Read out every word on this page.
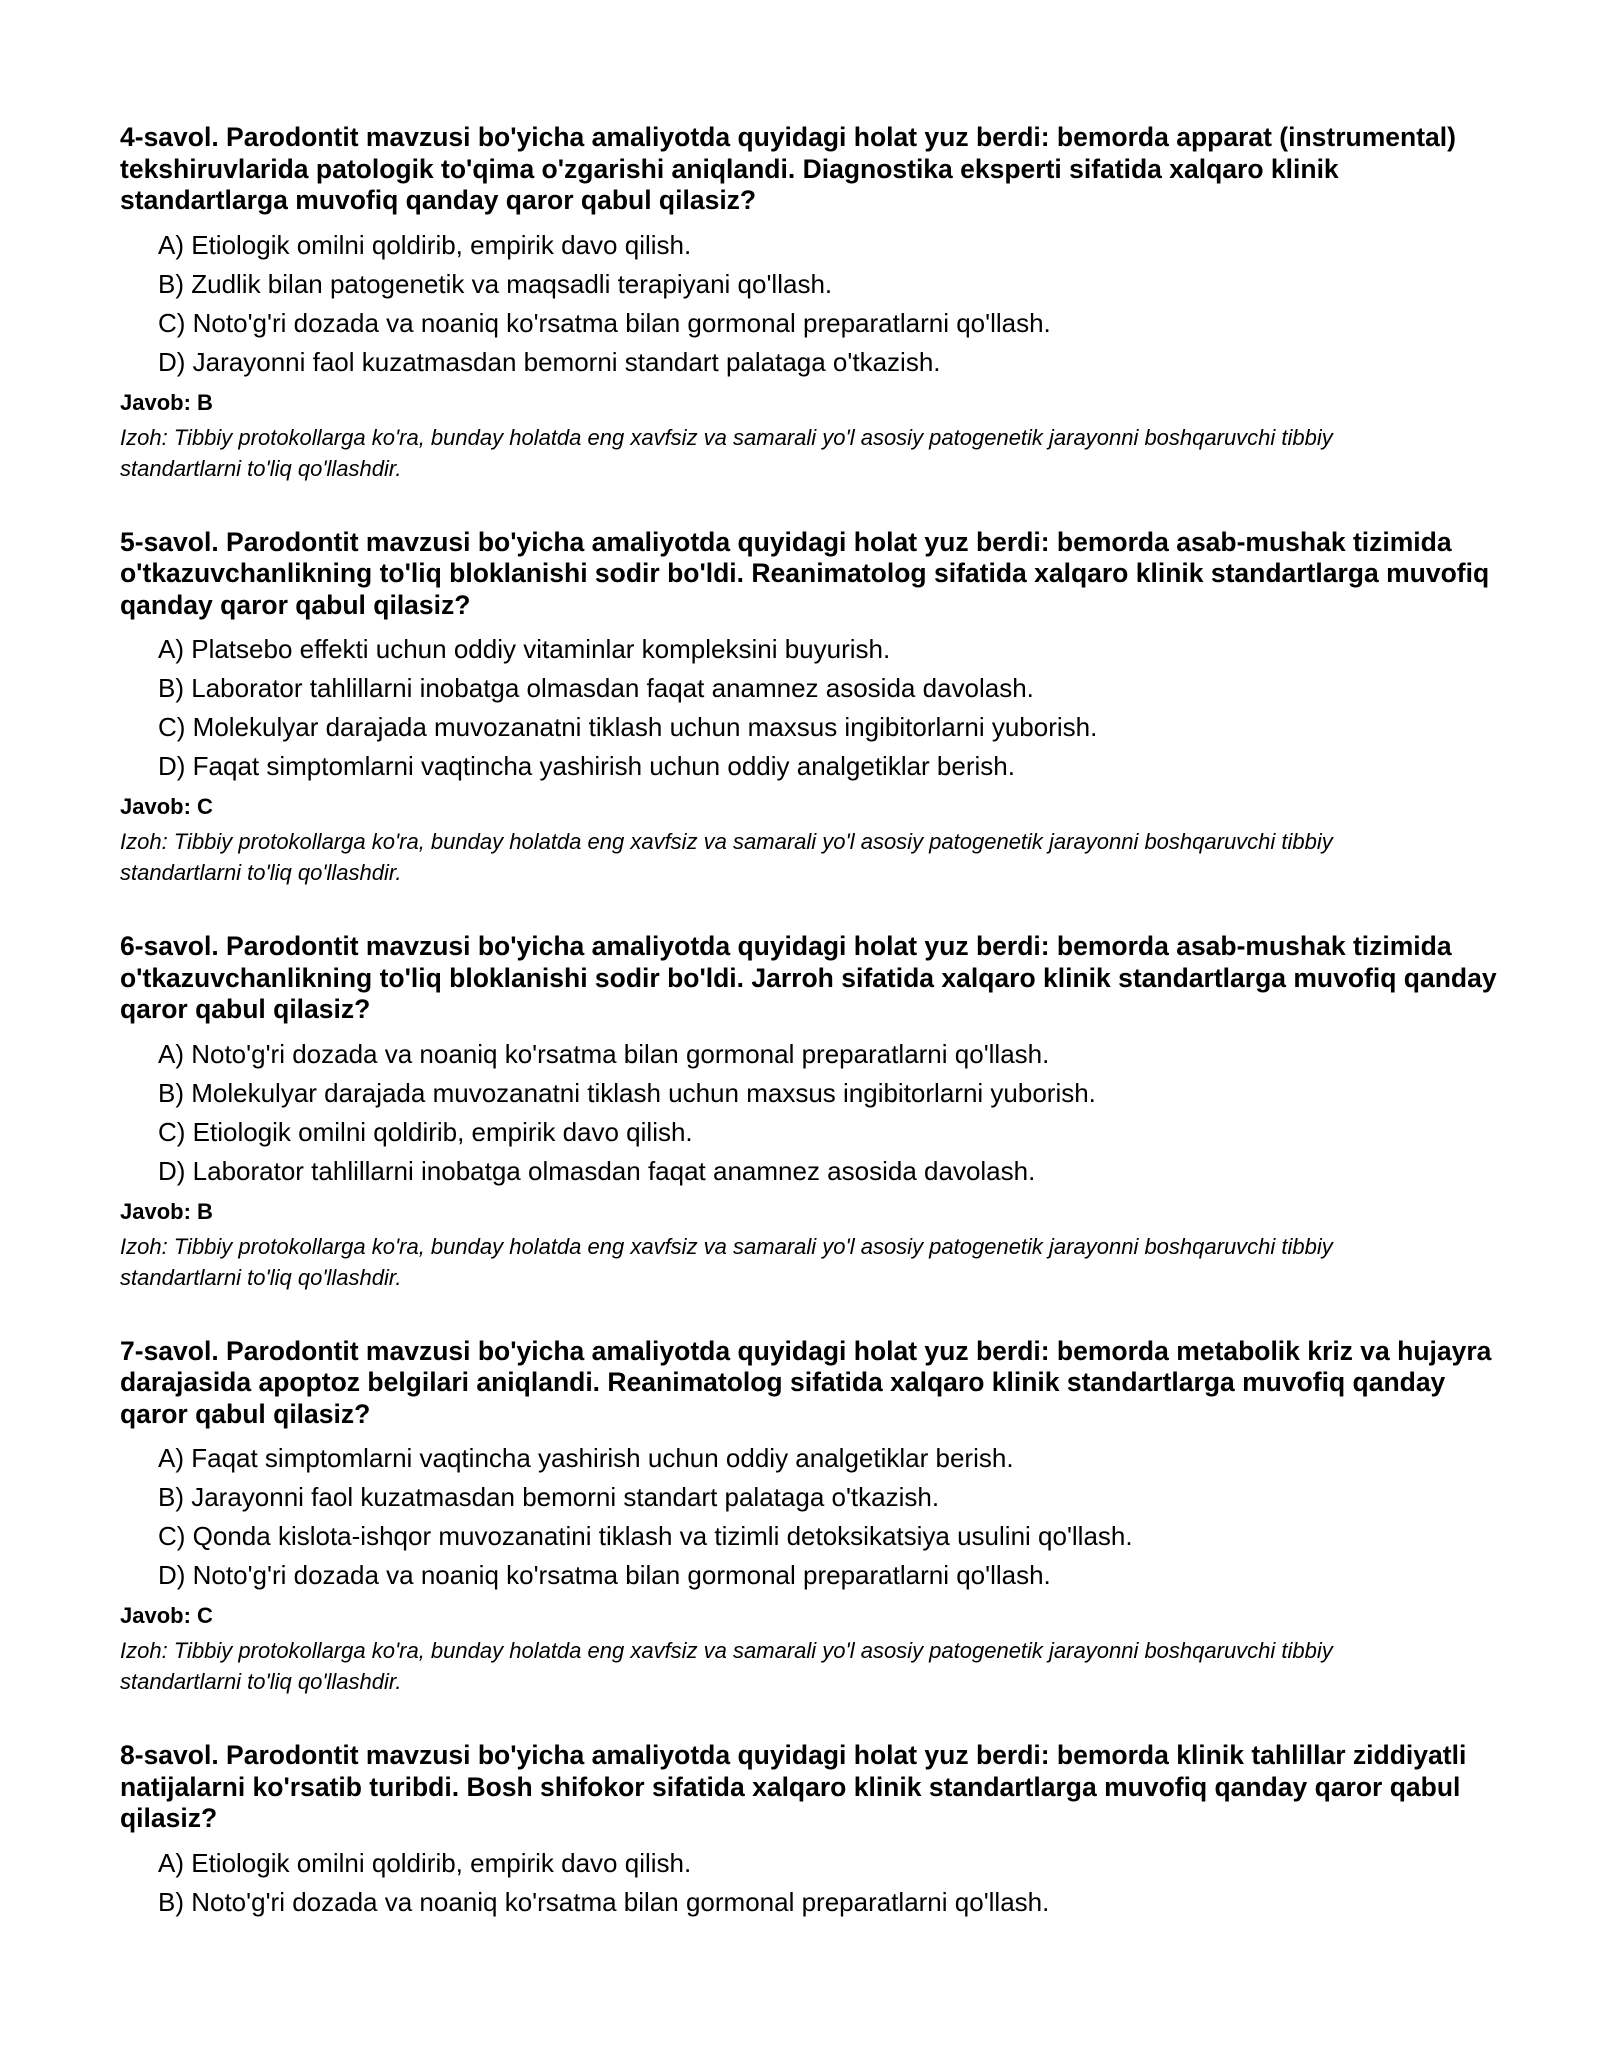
4-savol. Parodontit mavzusi bo'yicha amaliyotda quyidagi holat yuz berdi: bemorda apparat (instrumental) tekshiruvlarida patologik to'qima o'zgarishi aniqlandi. Diagnostika eksperti sifatida xalqaro klinik standartlarga muvofiq qanday qaror qabul qilasiz?
A) Etiologik omilni qoldirib, empirik davo qilish.
B) Zudlik bilan patogenetik va maqsadli terapiyani qo'llash.
C) Noto'g'ri dozada va noaniq ko'rsatma bilan gormonal preparatlarni qo'llash.
D) Jarayonni faol kuzatmasdan bemorni standart palataga o'tkazish.
Javob: B
Izoh: Tibbiy protokollarga ko'ra, bunday holatda eng xavfsiz va samarali yo'l asosiy patogenetik jarayonni boshqaruvchi tibbiy standartlarni to'liq qo'llashdir.
5-savol. Parodontit mavzusi bo'yicha amaliyotda quyidagi holat yuz berdi: bemorda asab-mushak tizimida o'tkazuvchanlikning to'liq bloklanishi sodir bo'ldi. Reanimatolog sifatida xalqaro klinik standartlarga muvofiq qanday qaror qabul qilasiz?
A) Platsebo effekti uchun oddiy vitaminlar kompleksini buyurish.
B) Laborator tahlillarni inobatga olmasdan faqat anamnez asosida davolash.
C) Molekulyar darajada muvozanatni tiklash uchun maxsus ingibitorlarni yuborish.
D) Faqat simptomlarni vaqtincha yashirish uchun oddiy analgetiklar berish.
Javob: C
Izoh: Tibbiy protokollarga ko'ra, bunday holatda eng xavfsiz va samarali yo'l asosiy patogenetik jarayonni boshqaruvchi tibbiy standartlarni to'liq qo'llashdir.
6-savol. Parodontit mavzusi bo'yicha amaliyotda quyidagi holat yuz berdi: bemorda asab-mushak tizimida o'tkazuvchanlikning to'liq bloklanishi sodir bo'ldi. Jarroh sifatida xalqaro klinik standartlarga muvofiq qanday qaror qabul qilasiz?
A) Noto'g'ri dozada va noaniq ko'rsatma bilan gormonal preparatlarni qo'llash.
B) Molekulyar darajada muvozanatni tiklash uchun maxsus ingibitorlarni yuborish.
C) Etiologik omilni qoldirib, empirik davo qilish.
D) Laborator tahlillarni inobatga olmasdan faqat anamnez asosida davolash.
Javob: B
Izoh: Tibbiy protokollarga ko'ra, bunday holatda eng xavfsiz va samarali yo'l asosiy patogenetik jarayonni boshqaruvchi tibbiy standartlarni to'liq qo'llashdir.
7-savol. Parodontit mavzusi bo'yicha amaliyotda quyidagi holat yuz berdi: bemorda metabolik kriz va hujayra darajasida apoptoz belgilari aniqlandi. Reanimatolog sifatida xalqaro klinik standartlarga muvofiq qanday qaror qabul qilasiz?
A) Faqat simptomlarni vaqtincha yashirish uchun oddiy analgetiklar berish.
B) Jarayonni faol kuzatmasdan bemorni standart palataga o'tkazish.
C) Qonda kislota-ishqor muvozanatini tiklash va tizimli detoksikatsiya usulini qo'llash.
D) Noto'g'ri dozada va noaniq ko'rsatma bilan gormonal preparatlarni qo'llash.
Javob: C
Izoh: Tibbiy protokollarga ko'ra, bunday holatda eng xavfsiz va samarali yo'l asosiy patogenetik jarayonni boshqaruvchi tibbiy standartlarni to'liq qo'llashdir.
8-savol. Parodontit mavzusi bo'yicha amaliyotda quyidagi holat yuz berdi: bemorda klinik tahlillar ziddiyatli natijalarni ko'rsatib turibdi. Bosh shifokor sifatida xalqaro klinik standartlarga muvofiq qanday qaror qabul qilasiz?
A) Etiologik omilni qoldirib, empirik davo qilish.
B) Noto'g'ri dozada va noaniq ko'rsatma bilan gormonal preparatlarni qo'llash.
